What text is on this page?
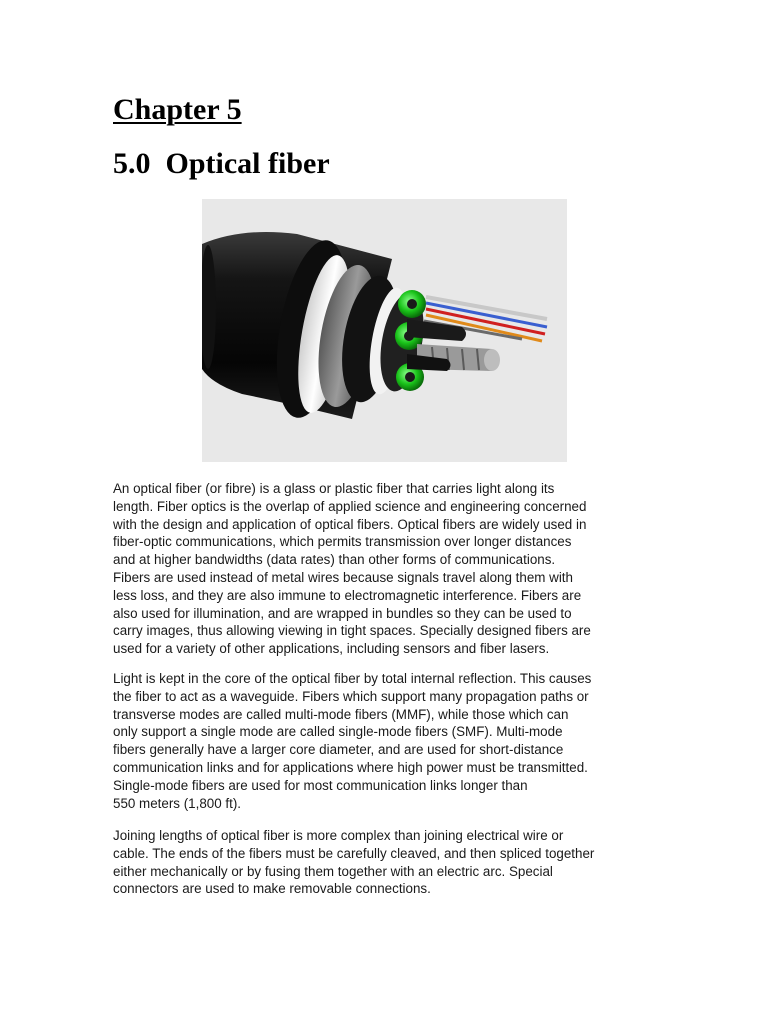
Chapter 5
5.0  Optical fiber
An optical fiber (or fibre) is a glass or plastic fiber that carries light along its
length. Fiber optics is the overlap of applied science and engineering concerned
with the design and application of optical fibers. Optical fibers are widely used in
fiber-optic communications, which permits transmission over longer distances
and at higher bandwidths (data rates) than other forms of communications.
Fibers are used instead of metal wires because signals travel along them with
less loss, and they are also immune to electromagnetic interference. Fibers are
also used for illumination, and are wrapped in bundles so they can be used to
carry images, thus allowing viewing in tight spaces. Specially designed fibers are
used for a variety of other applications, including sensors and fiber lasers.
Light is kept in the core of the optical fiber by total internal reflection. This causes
the fiber to act as a waveguide. Fibers which support many propagation paths or
transverse modes are called multi-mode fibers (MMF), while those which can
only support a single mode are called single-mode fibers (SMF). Multi-mode
fibers generally have a larger core diameter, and are used for short-distance
communication links and for applications where high power must be transmitted.
Single-mode fibers are used for most communication links longer than
550 meters (1,800 ft).
Joining lengths of optical fiber is more complex than joining electrical wire or
cable. The ends of the fibers must be carefully cleaved, and then spliced together
either mechanically or by fusing them together with an electric arc. Special
connectors are used to make removable connections.
